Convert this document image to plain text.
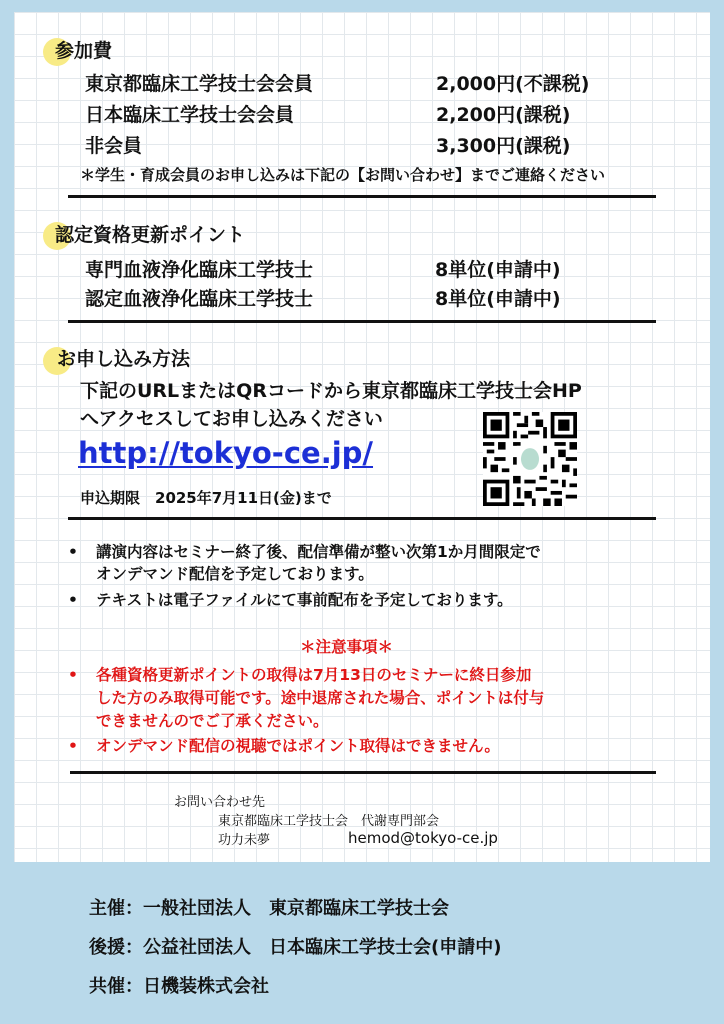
参加費
東京都臨床工学技士会会員	2,000円(不課税)
日本臨床工学技士会会員	2,200円(課税)
非会員	3,300円(課税)
＊学生・育成会員のお申し込みは下記の【お問い合わせ】までご連絡ください
認定資格更新ポイント
専門血液浄化臨床工学技士	8単位(申請中)
認定血液浄化臨床工学技士	8単位(申請中)
お申し込み方法
下記のURLまたはQRコードから東京都臨床工学技士会HP
へアクセスしてお申し込みください
http://tokyo-ce.jp/
申込期限　2025年7月11日(金)まで
• 講演内容はセミナー終了後、配信準備が整い次第1か月間限定で
オンデマンド配信を予定しております。
• テキストは電子ファイルにて事前配布を予定しております。
＊注意事項＊
• 各種資格更新ポイントの取得は7月13日のセミナーに終日参加
した方のみ取得可能です。途中退席された場合、ポイントは付与
できませんのでご了承ください。
• オンデマンド配信の視聴ではポイント取得はできません。
お問い合わせ先
東京都臨床工学技士会　代謝専門部会
功力未夢	hemod@tokyo-ce.jp
主催：一般社団法人　東京都臨床工学技士会
後援：公益社団法人　日本臨床工学技士会(申請中)
共催：日機装株式会社
